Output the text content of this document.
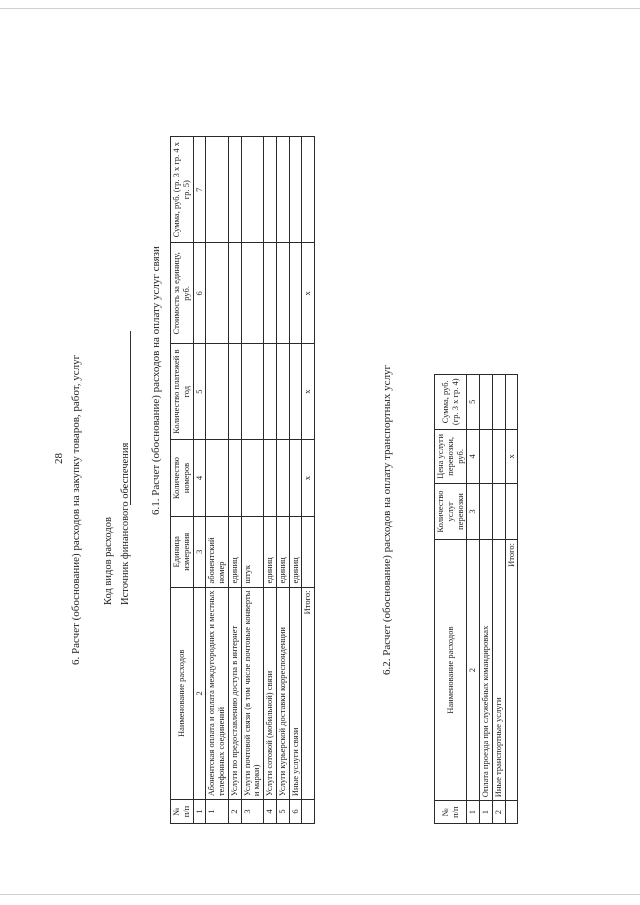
28 6. Расчет (обоснование) расходов на закупку товаров, работ, услуг Код видов расходов Источник финансового обеспечения
6.1. Расчет (обоснование) расходов на оплату услуг связи
№ п/п	Наименование расходов	Единица измерения	Количество номеров	Количество платежей в год	Стоимость за единицу, руб.	Сумма, руб. (гр. 3 х гр. 4 х гр. 5)
1	2	3	4	5	6	7
1	Абонентская оплата и оплата междугородних и местных телефонных соединений	абонентский номер				
2	Услуги по предоставлению доступа в интернет	единиц				
3	Услуги почтовой связи (в том числе почтовые конверты и марки)	штук				
4	Услуги сотовой (мобильной) связи	единиц				
5	Услуги курьерской доставки корреспонденции	единиц				
6	Иные услуги связи	единиц				
	Итого:		х	х	х	
6.2. Расчет (обоснование) расходов на оплату транспортных услуг
№ п/п	Наименование расходов	Количество услуг перевозки	Цена услуги перевозки, руб.	Сумма, руб. (гр. 3 х гр. 4)
1	2	3	4	5
1	Оплата проезда при служебных командировках			
2	Иные транспортные услуги			
	Итого:		х	
